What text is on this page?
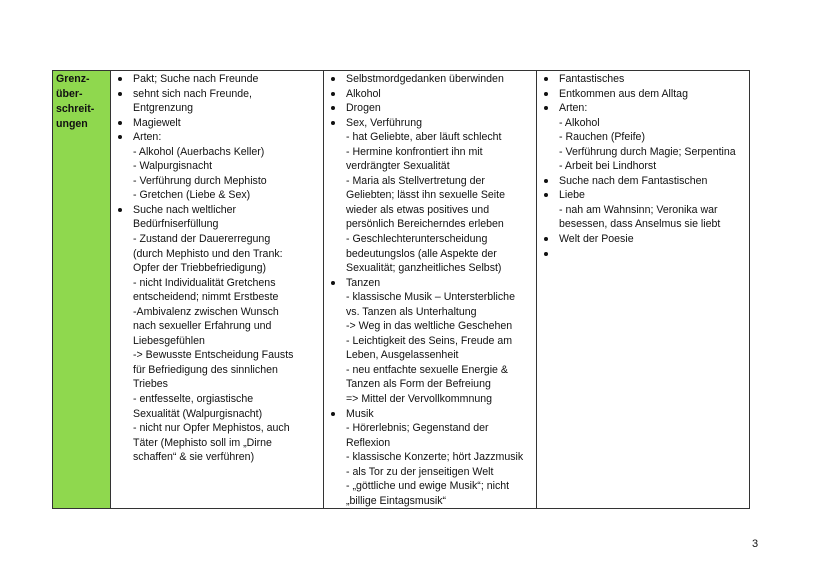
Grenz-
über-
schreit-
ungen

Pakt; Suche nach Freunde
sehnt sich nach Freunde,
Entgrenzung
Magiewelt
Arten:
- Alkohol (Auerbachs Keller)
- Walpurgisnacht
- Verführung durch Mephisto
- Gretchen (Liebe & Sex)
Suche nach weltlicher
Bedürfniserfüllung
- Zustand der Dauererregung
(durch Mephisto und den Trank:
Opfer der Triebbefriedigung)
- nicht Individualität Gretchens
entscheidend; nimmt Erstbeste
-Ambivalenz zwischen Wunsch
nach sexueller Erfahrung und
Liebesgefühlen
-> Bewusste Entscheidung Fausts
für Befriedigung des sinnlichen
Triebes
- entfesselte, orgiastische
Sexualität (Walpurgisnacht)
- nicht nur Opfer Mephistos, auch
Täter (Mephisto soll im „Dirne
schaffen“ & sie verführen)

Selbstmordgedanken überwinden
Alkohol
Drogen
Sex, Verführung
- hat Geliebte, aber läuft schlecht
- Hermine konfrontiert ihn mit
verdrängter Sexualität
- Maria als Stellvertretung der
Geliebten; lässt ihn sexuelle Seite
wieder als etwas positives und
persönlich Bereicherndes erleben
- Geschlechterunterscheidung
bedeutungslos (alle Aspekte der
Sexualität; ganzheitliches Selbst)
Tanzen
- klassische Musik – Untersterbliche
vs. Tanzen als Unterhaltung
-> Weg in das weltliche Geschehen
- Leichtigkeit des Seins, Freude am
Leben, Ausgelassenheit
- neu entfachte sexuelle Energie &
Tanzen als Form der Befreiung
=> Mittel der Vervollkommnung
Musik
- Hörerlebnis; Gegenstand der
Reflexion
- klassische Konzerte; hört Jazzmusik
- als Tor zu der jenseitigen Welt
- „göttliche und ewige Musik“; nicht
„billige Eintagsmusik“

Fantastisches
Entkommen aus dem Alltag
Arten:
- Alkohol
- Rauchen (Pfeife)
- Verführung durch Magie; Serpentina
- Arbeit bei Lindhorst
Suche nach dem Fantastischen
Liebe
- nah am Wahnsinn; Veronika war
besessen, dass Anselmus sie liebt
Welt der Poesie

3
